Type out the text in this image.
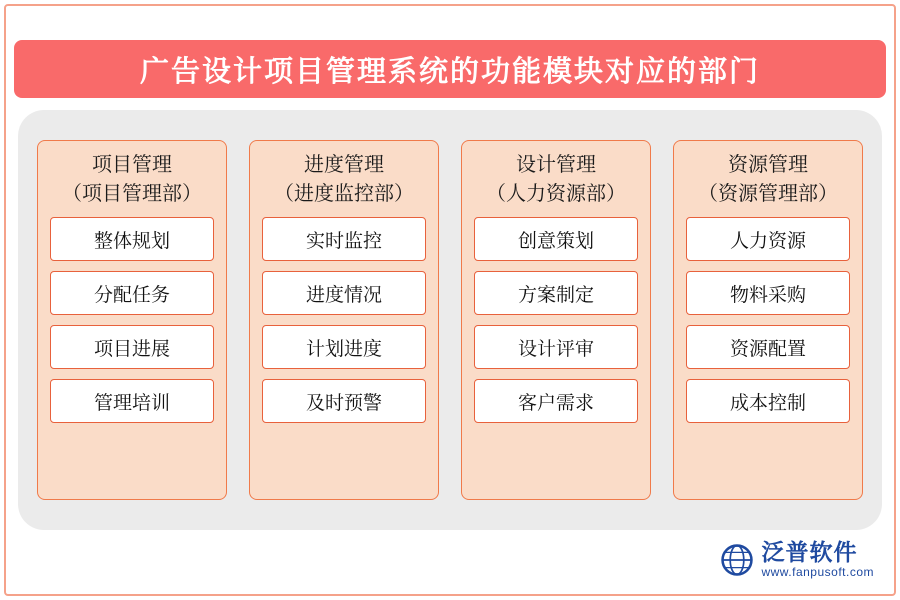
广告设计项目管理系统的功能模块对应的部门
项目管理
（项目管理部）
整体规划
分配任务
项目进展
管理培训
进度管理
（进度监控部）
实时监控
进度情况
计划进度
及时预警
设计管理
（人力资源部）
创意策划
方案制定
设计评审
客户需求
资源管理
（资源管理部）
人力资源
物料采购
资源配置
成本控制
泛普软件
www.fanpusoft.com
